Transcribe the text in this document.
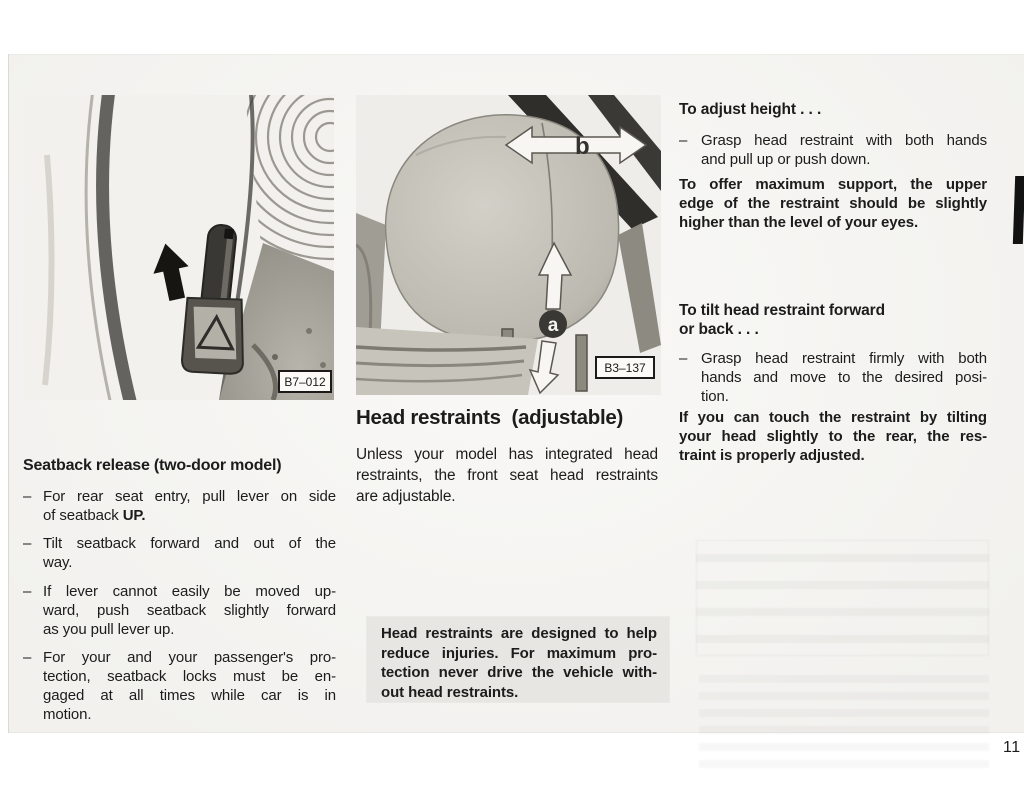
B7–012
b
a
B3–137
Seatback release (two-door model)
– For rear seat entry, pull lever on side
of seatback UP.
– Tilt seatback forward and out of the
way.
– If lever cannot easily be moved up-
ward, push seatback slightly forward
as you pull lever up.
– For your and your passenger's pro-
tection, seatback locks must be en-
gaged at all times while car is in
motion.
Head restraints  (adjustable)
Unless your model has integrated head
restraints, the front seat head restraints
are adjustable.
Head restraints are designed to help
reduce injuries. For maximum pro-
tection never drive the vehicle with-
out head restraints.
To adjust height . . .
– Grasp head restraint with both hands
and pull up or push down.
To offer maximum support, the upper
edge of the restraint should be slightly
higher than the level of your eyes.
To tilt head restraint forward
or back . . .
– Grasp head restraint firmly with both
hands and move to the desired posi-
tion.
If you can touch the restraint by tilting
your head slightly to the rear, the res-
traint is properly adjusted.
11
